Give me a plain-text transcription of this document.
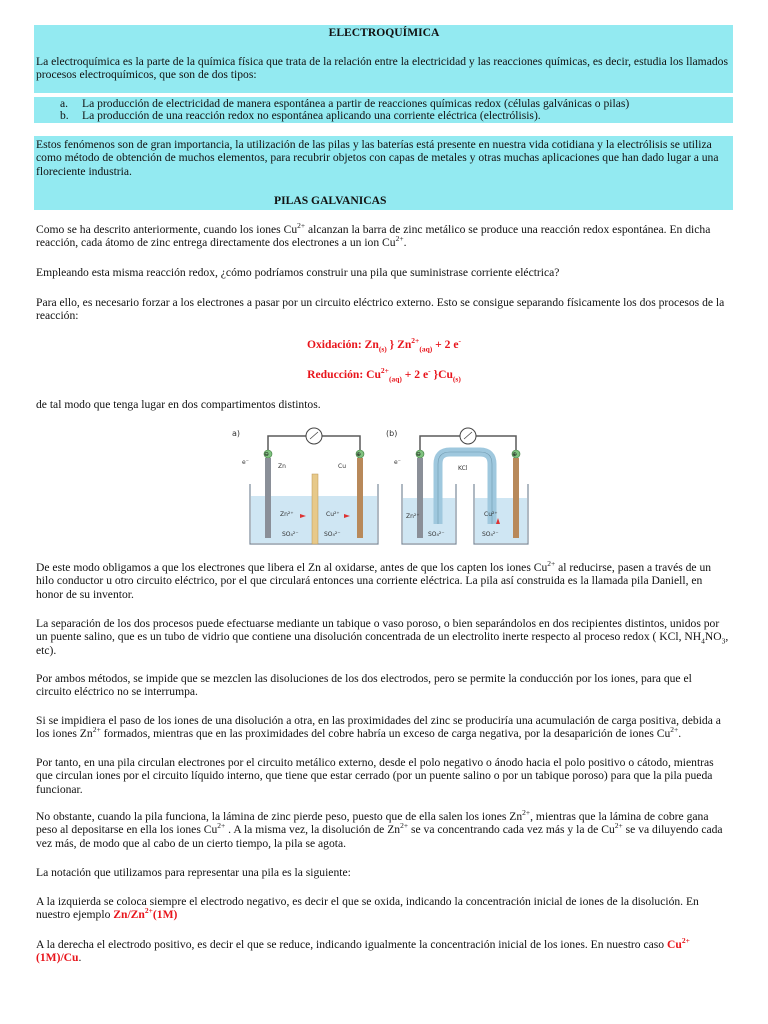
ELECTROQUÍMICA
La electroquímica es la parte de la química física que trata de la relación entre la electricidad y las reacciones químicas, es decir, estudia los llamados procesos electroquímicos, que son de dos tipos:
a. La producción de electricidad de manera espontánea a partir de reacciones químicas redox (células galvánicas o pilas)
b. La producción de una reacción redox no espontánea aplicando una corriente eléctrica (electrólisis).
Estos fenómenos son de gran importancia, la utilización de las pilas y las baterías está presente en nuestra vida cotidiana y la electrólisis se utiliza como método de obtención de muchos elementos, para recubrir objetos con capas de metales y otras muchas aplicaciones que han dado lugar a una floreciente industria.
PILAS GALVANICAS
Como se ha descrito anteriormente, cuando los iones $Cu^{2+}$ alcanzan la barra de zinc metálico se produce una reacción redox espontánea. En dicha reacción, cada átomo de zinc entrega directamente dos electrones a un ion $Cu^{2+}$.
Empleando esta misma reacción redox, ¿cómo podríamos construir una pila que suministrase corriente eléctrica?
Para ello, es necesario forzar a los electrones a pasar por un circuito eléctrico externo. Esto se consigue separando físicamente los dos procesos de la reacción:
Oxidación: $Zn_{(s)}$ } $Zn^{2+}_{(aq)} + 2$ e-
Reducción: $Cu^{2+}_{(aq)} + 2$ e- }$Cu_{(s)}$
de tal modo que tenga lugar en dos compartimentos distintos.
a)
⊖	⊕
e⁻
Zn	Cu
Zn²⁺	Cu²⁺
SO₄²⁻	SO₄²⁻
(b)
⊖	⊕
e⁻
KCl
Zn²⁺	Cu²⁺
SO₄²⁻	SO₄²⁻
De este modo obligamos a que los electrones que libera el Zn al oxidarse, antes de que los capten los iones $Cu^{2+}$ al reducirse, pasen a través de un hilo conductor u otro circuito eléctrico, por el que circulará entonces una corriente eléctrica. La pila así construida es la llamada pila Daniell, en honor de su inventor.
La separación de los dos procesos puede efectuarse mediante un tabique o vaso poroso, o bien separándolos en dos recipientes distintos, unidos por un puente salino, que es un tubo de vidrio que contiene una disolución concentrada de un electrolito inerte respecto al proceso redox ( KCl, $NH_4NO_3$, etc).
Por ambos métodos, se impide que se mezclen las disoluciones de los dos electrodos, pero se permite la conducción por los iones, para que el circuito eléctrico no se interrumpa.
Si se impidiera el paso de los iones de una disolución a otra, en las proximidades del zinc se produciría una acumulación de carga positiva, debida a los iones $Zn^{2+}$ formados, mientras que en las proximidades del cobre habría un exceso de carga negativa, por la desaparición de iones $Cu^{2+}$.
Por tanto, en una pila circulan electrones por el circuito metálico externo, desde el polo negativo o ánodo hacia el polo positivo o cátodo, mientras que circulan iones por el circuito líquido interno, que tiene que estar cerrado (por un puente salino o por un tabique poroso) para que la pila pueda funcionar.
No obstante, cuando la pila funciona, la lámina de zinc pierde peso, puesto que de ella salen los iones $Zn^{2+}$, mientras que la lámina de cobre gana peso al depositarse en ella los iones $Cu^{2+}$ . A la misma vez, la disolución de $Zn^{2+}$ se va concentrando cada vez más y la de $Cu^{2+}$ se va diluyendo cada vez más, de modo que al cabo de un cierto tiempo, la pila se agota.
La notación que utilizamos para representar una pila es la siguiente:
A la izquierda se coloca siempre el electrodo negativo, es decir el que se oxida, indicando la concentración inicial de iones de la disolución. En nuestro ejemplo $Zn/Zn^{2+}(1M)$
A la derecha el electrodo positivo, es decir el que se reduce, indicando igualmente la concentración inicial de los iones. En nuestro caso $Cu^{2+}(1M)/Cu$.
